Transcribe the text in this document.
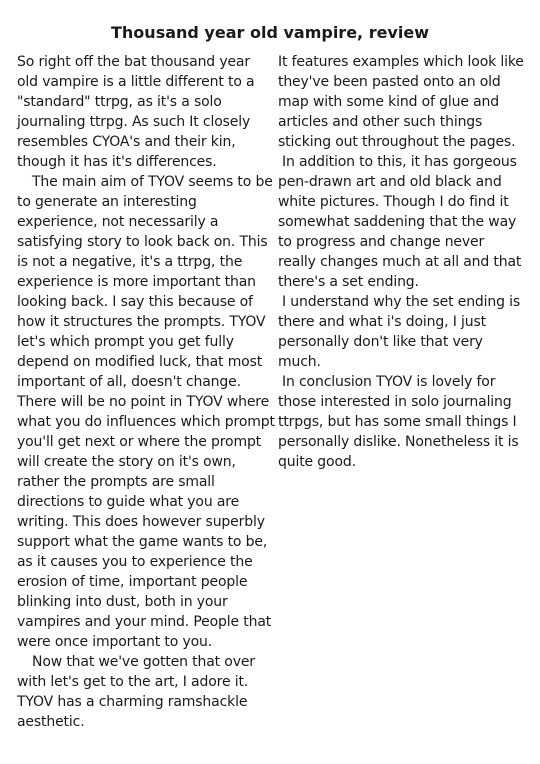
Thousand year old vampire, review

So right off the bat thousand year old vampire is a little different to a "standard" ttrpg, as it's a solo journaling ttrpg. As such It closely resembles CYOA's and their kin, though it has it's differences.

The main aim of TYOV seems to be to generate an interesting experience, not necessarily a satisfying story to look back on. This is not a negative, it's a ttrpg, the experience is more important than looking back. I say this because of how it structures the prompts. TYOV let's which prompt you get fully depend on modified luck, that most important of all, doesn't change. There will be no point in TYOV where what you do influences which prompt you'll get next or where the prompt will create the story on it's own, rather the prompts are small directions to guide what you are writing. This does however superbly support what the game wants to be, as it causes you to experience the erosion of time, important people blinking into dust, both in your vampires and your mind. People that were once important to you.

Now that we've gotten that over with let's get to the art, I adore it. TYOV has a charming ramshackle aesthetic.

It features examples which look like they've been pasted onto an old map with some kind of glue and articles and other such things sticking out throughout the pages.

In addition to this, it has gorgeous pen-drawn art and old black and white pictures. Though I do find it somewhat saddening that the way to progress and change never really changes much at all and that there's a set ending.

I understand why the set ending is there and what i's doing, I just personally don't like that very much.

In conclusion TYOV is lovely for those interested in solo journaling ttrpgs, but has some small things I personally dislike. Nonetheless it is quite good.
